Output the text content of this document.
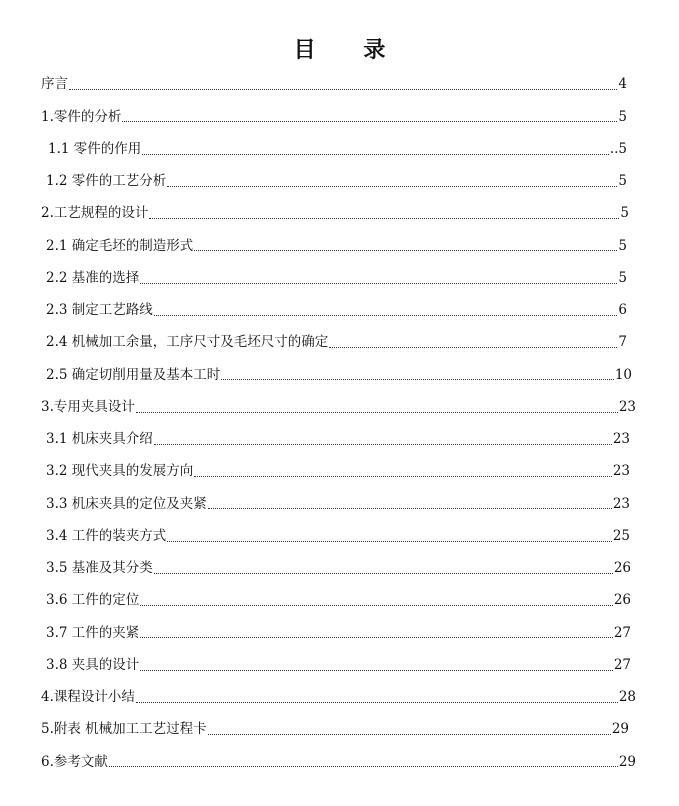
目 录
序言	4
1.零件的分析	5
1.1 零件的作用	..5
1.2 零件的工艺分析	5
2.工艺规程的设计	5
2.1 确定毛坯的制造形式	5
2.2 基准的选择	5
2.3 制定工艺路线	6
2.4 机械加工余量，工序尺寸及毛坯尺寸的确定	7
2.5 确定切削用量及基本工时	10
3.专用夹具设计	23
3.1 机床夹具介绍	23
3.2 现代夹具的发展方向	23
3.3 机床夹具的定位及夹紧	23
3.4 工件的装夹方式	25
3.5 基准及其分类	26
3.6 工件的定位	26
3.7 工件的夹紧	27
3.8 夹具的设计	27
4.课程设计小结	28
5.附表 机械加工工艺过程卡	29
6.参考文献	29
